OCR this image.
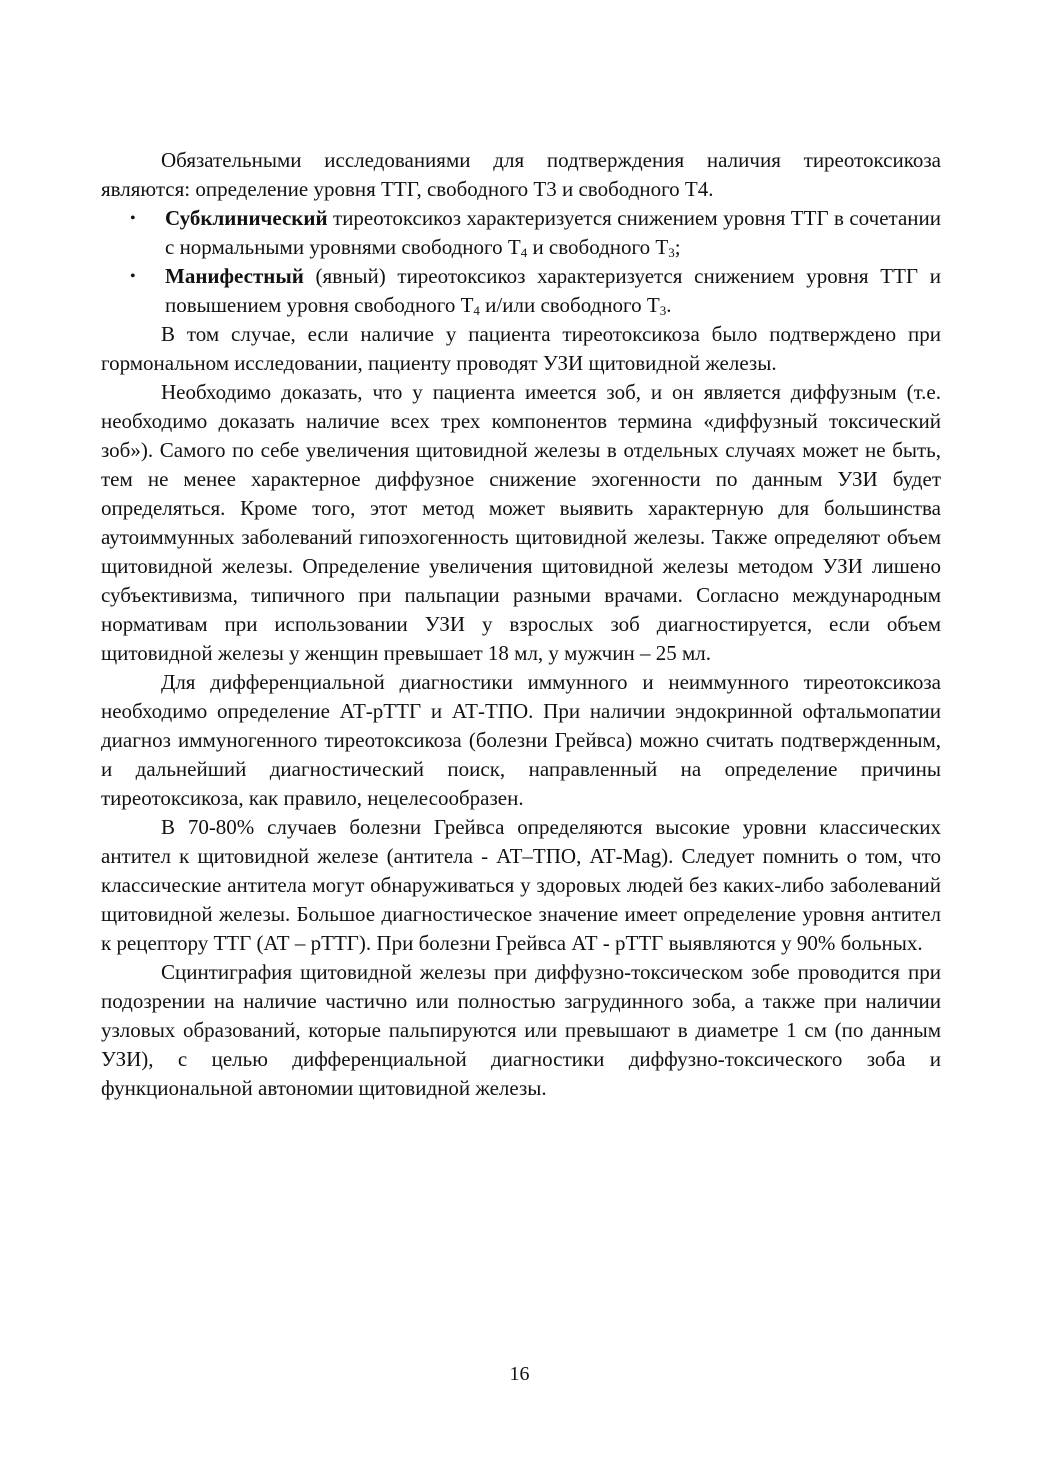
Обязательными исследованиями для подтверждения наличия тиреотоксикоза являются: определение уровня ТТГ, свободного Т3 и свободного Т4.

• Субклинический тиреотоксикоз характеризуется снижением уровня ТТГ в сочетании с нормальными уровнями свободного $Т_4$ и свободного $Т_3$;
• Манифестный (явный) тиреотоксикоз характеризуется снижением уровня ТТГ и повышением уровня свободного $Т_4$ и/или свободного $Т_3$.

В том случае, если наличие у пациента тиреотоксикоза было подтверждено при гормональном исследовании, пациенту проводят УЗИ щитовидной железы.

Необходимо доказать, что у пациента имеется зоб, и он является диффузным (т.е. необходимо доказать наличие всех трех компонентов термина «диффузный токсический зоб»). Самого по себе увеличения щитовидной железы в отдельных случаях может не быть, тем не менее характерное диффузное снижение эхогенности по данным УЗИ будет определяться. Кроме того, этот метод может выявить характерную для большинства аутоиммунных заболеваний гипоэхогенность щитовидной железы. Также определяют объем щитовидной железы. Определение увеличения щитовидной железы методом УЗИ лишено субъективизма, типичного при пальпации разными врачами. Согласно международным нормативам при использовании УЗИ у взрослых зоб диагностируется, если объем щитовидной железы у женщин превышает 18 мл, у мужчин – 25 мл.

Для дифференциальной диагностики иммунного и неиммунного тиреотоксикоза необходимо определение АТ-рТТГ и АТ-ТПО. При наличии эндокринной офтальмопатии диагноз иммуногенного тиреотоксикоза (болезни Грейвса) можно считать подтвержденным, и дальнейший диагностический поиск, направленный на определение причины тиреотоксикоза, как правило, нецелесообразен.

В 70-80% случаев болезни Грейвса определяются высокие уровни классических антител к щитовидной железе (антитела - АТ–ТПО, АТ-Mag). Следует помнить о том, что классические антитела могут обнаруживаться у здоровых людей без каких-либо заболеваний щитовидной железы. Большое диагностическое значение имеет определение уровня антител к рецептору ТТГ (АТ – рТТГ). При болезни Грейвса АТ - рТТГ выявляются у 90% больных.

Сцинтиграфия щитовидной железы при диффузно-токсическом зобе проводится при подозрении на наличие частично или полностью загрудинного зоба, а также при наличии узловых образований, которые пальпируются или превышают в диаметре 1 см (по данным УЗИ), с целью дифференциальной диагностики диффузно-токсического зоба и функциональной автономии щитовидной железы.

16
